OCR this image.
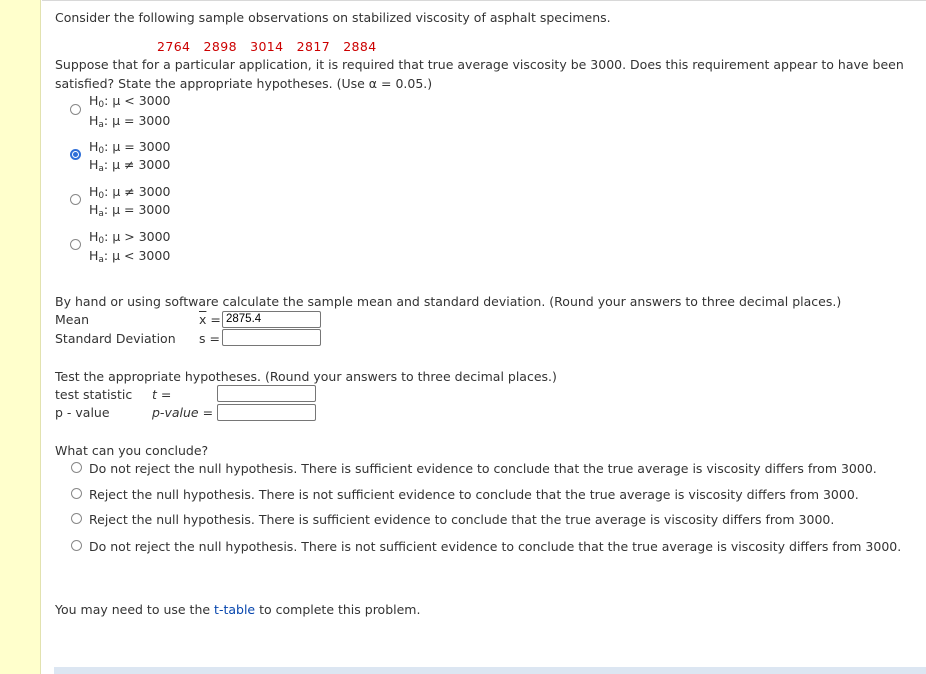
Consider the following sample observations on stabilized viscosity of asphalt specimens.
2764 2898 3014 2817 2884
Suppose that for a particular application, it is required that true average viscosity be 3000. Does this requirement appear to have been
satisfied? State the appropriate hypotheses. (Use α = 0.05.)
$H_0$: μ < 3000
$H_a$: μ = 3000
$H_0$: μ = 3000
$H_a$: μ ≠ 3000
$H_0$: μ ≠ 3000
$H_a$: μ = 3000
$H_0$: μ > 3000
$H_a$: μ < 3000
By hand or using software calculate the sample mean and standard deviation. (Round your answers to three decimal places.)
Mean	$\overline{x} = 2875.4$
Standard Deviation s =
Test the appropriate hypotheses. (Round your answers to three decimal places.)
test statistic t =
p - value	p-value =
What can you conclude?
Do not reject the null hypothesis. There is sufficient evidence to conclude that the true average is viscosity differs from 3000.
Reject the null hypothesis. There is not sufficient evidence to conclude that the true average is viscosity differs from 3000.
Reject the null hypothesis. There is sufficient evidence to conclude that the true average is viscosity differs from 3000.
Do not reject the null hypothesis. There is not sufficient evidence to conclude that the true average is viscosity differs from 3000.
You may need to use the t-table to complete this problem.
